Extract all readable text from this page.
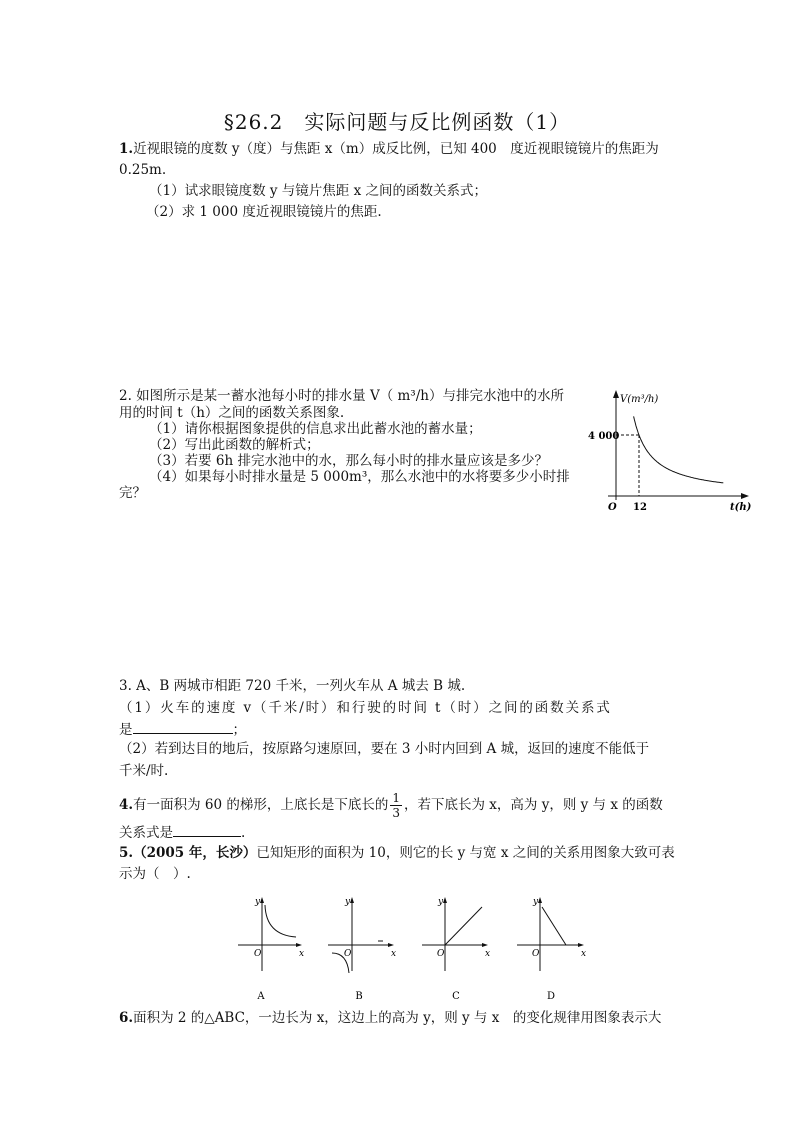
§26.2　实际问题与反比例函数（1）
1.近视眼镜的度数 y（度）与焦距 x（m）成反比例，已知 400　度近视眼镜镜片的焦距为
0.25m.
（1）试求眼镜度数 y 与镜片焦距 x 之间的函数关系式；
（2）求 1 000 度近视眼镜镜片的焦距.
2. 如图所示是某一蓄水池每小时的排水量 V（ m³/h）与排完水池中的水所
用的时间 t（h）之间的函数关系图象.
（1）请你根据图象提供的信息求出此蓄水池的蓄水量；
（2）写出此函数的解析式；
（3）若要 6h 排完水池中的水，那么每小时的排水量应该是多少？
（4）如果每小时排水量是 5 000m³，那么水池中的水将要多少小时排
完？
V(m³/h)
4 000
O 12	t(h)
3. A、B 两城市相距 720 千米，一列火车从 A 城去 B 城.
（1）火车的速度 v（千米/时）和行驶的时间 t（时）之间的函数关系式
是	；
（2）若到达目的地后，按原路匀速原回，要在 3 小时内回到 A 城，返回的速度不能低于
千米/时.
4.有一面积为 60 的梯形，上底长是下底长的 $\frac{1}{3}$ ，若下底长为 x，高为 y，则 y 与 x 的函数
关系式是	.
5.（2005 年，长沙）已知矩形的面积为 10，则它的长 y 与宽 x 之间的关系用图象大致可表
示为（　）.
y
x
O
y
x
O
y
x
O
y
x
O
A	B	C	D
6.面积为 2 的△ABC，一边长为 x，这边上的高为 y，则 y 与 x　的变化规律用图象表示大
